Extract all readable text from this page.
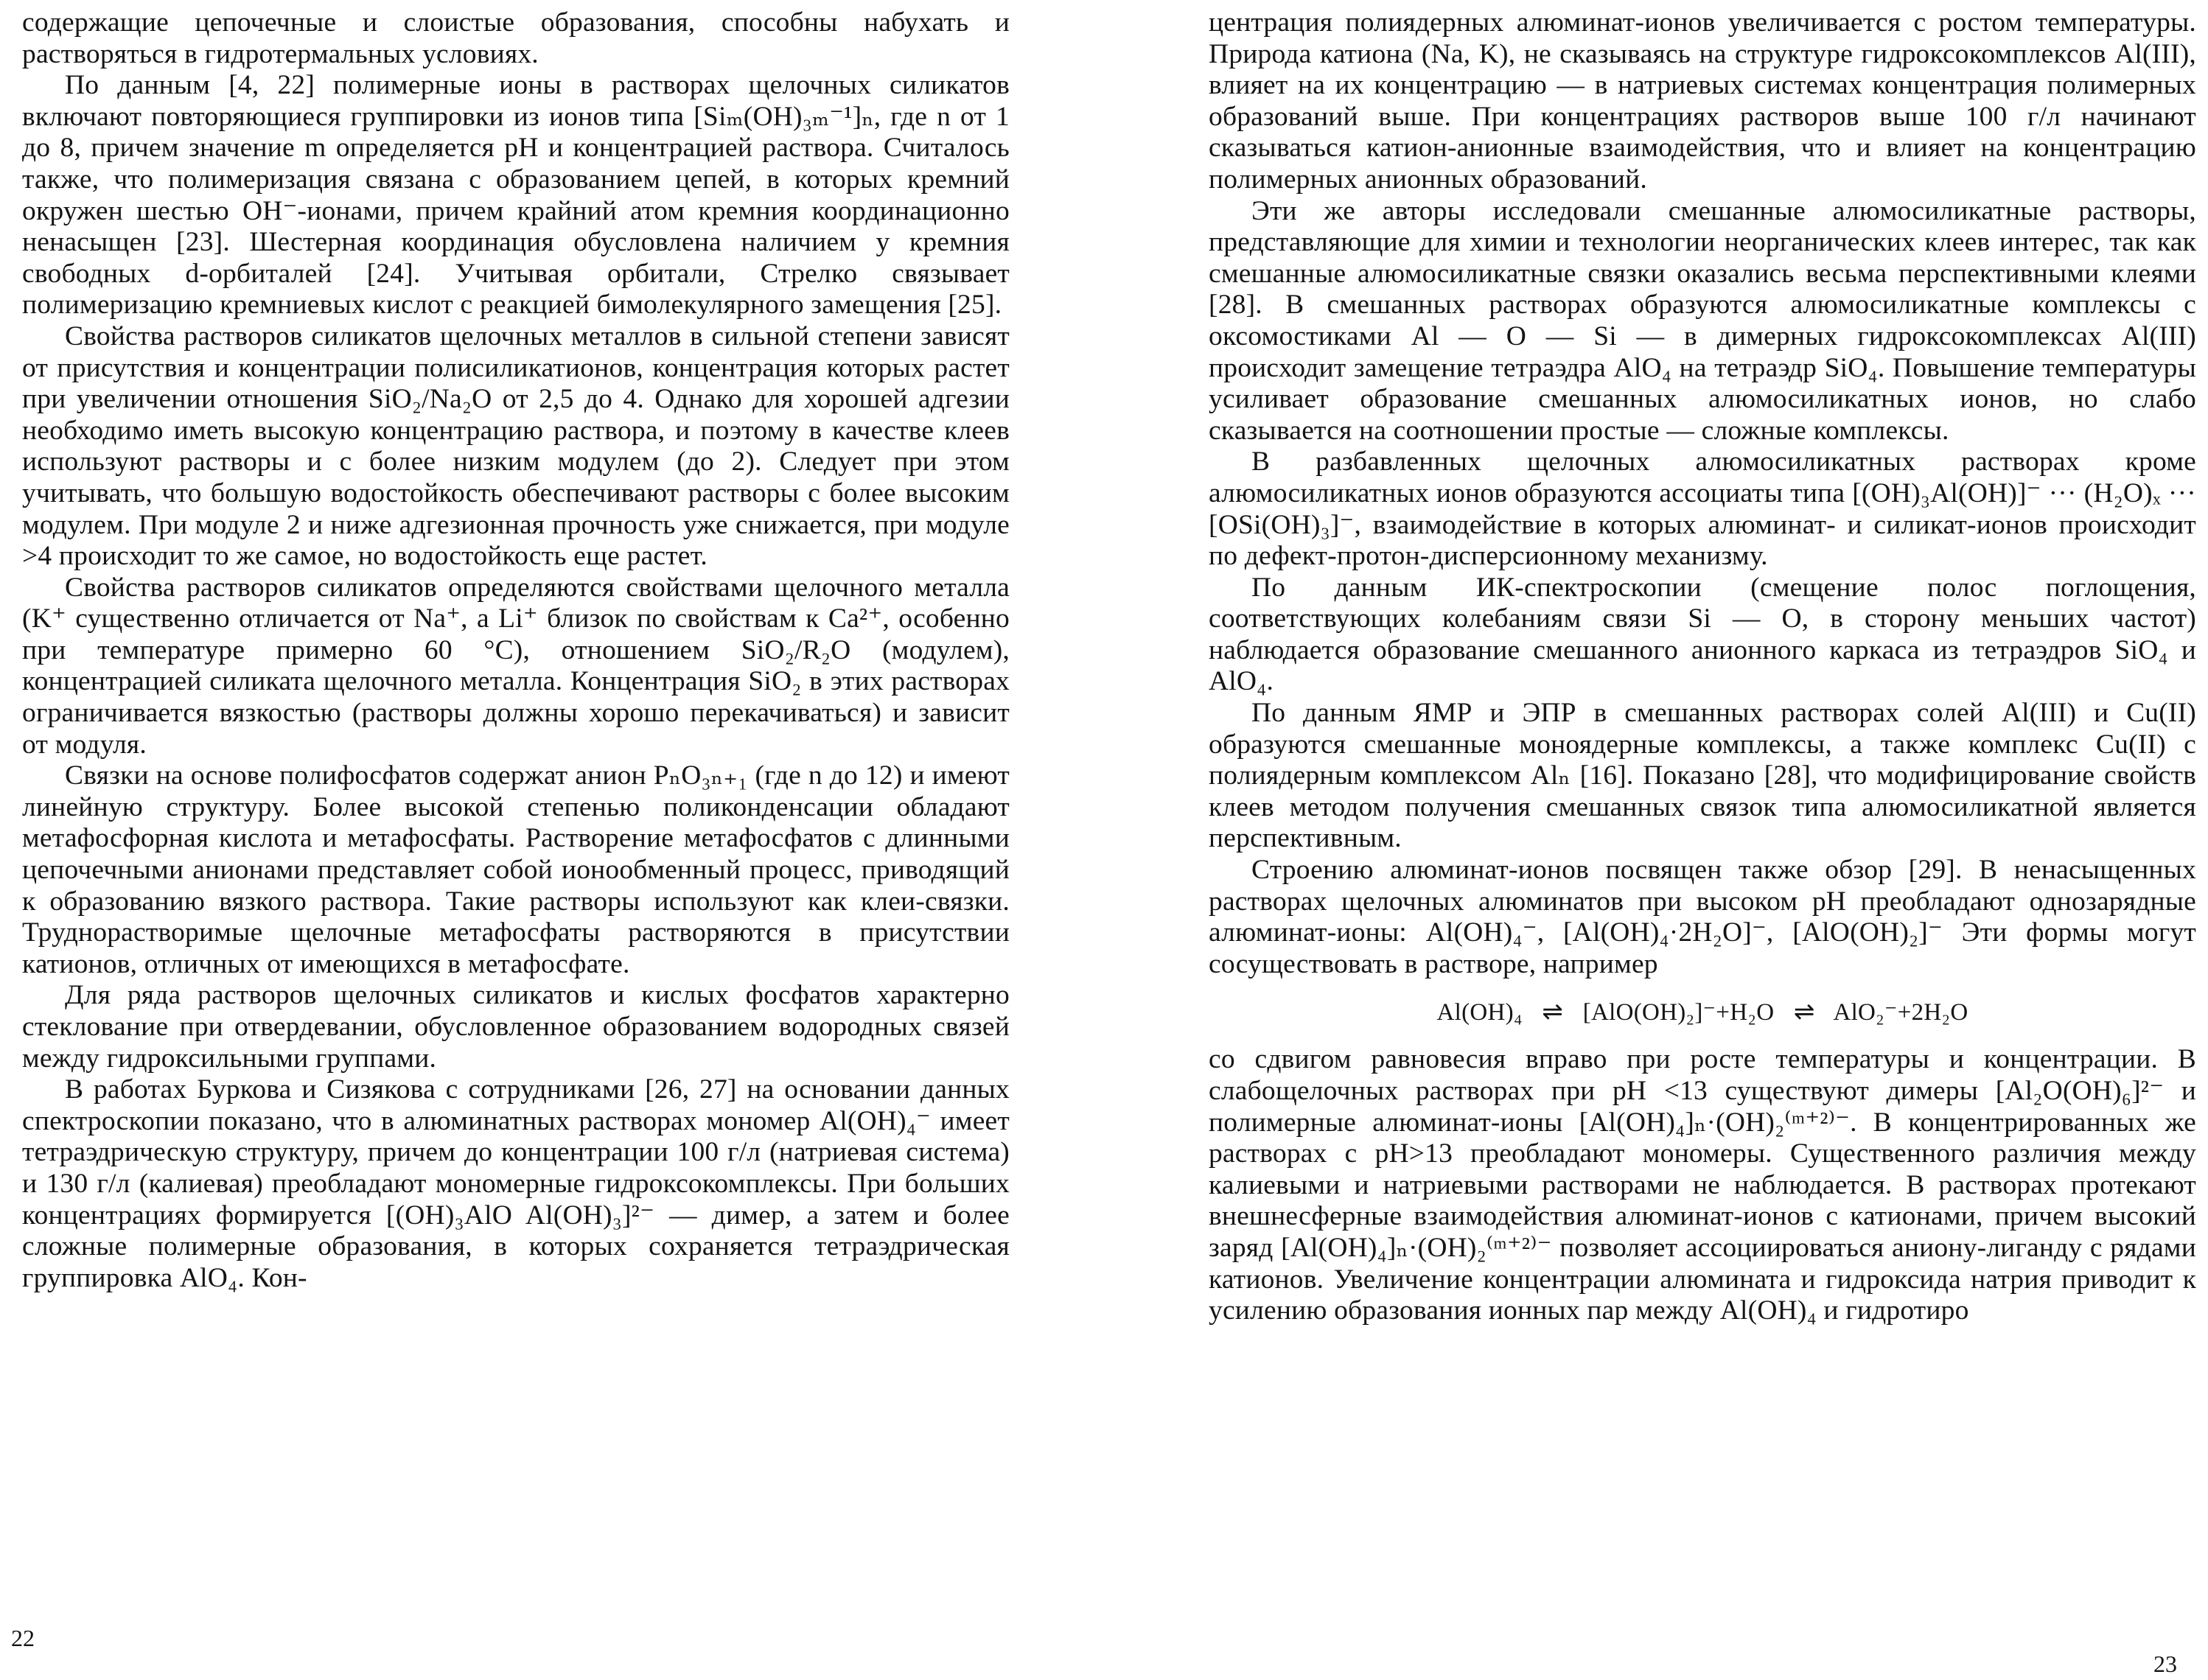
содержащие цепочечные и слоистые образования, способны набухать и растворяться в гидротермальных условиях.

По данным [4, 22] полимерные ионы в растворах щелочных силикатов включают повторяющиеся группировки из ионов типа [Siₘ(OH)₃ₘ⁻¹]ₙ, где n от 1 до 8, причем значение m определяется pH и концентрацией раствора. Считалось также, что полимеризация связана с образованием цепей, в которых кремний окружен шестью OH⁻-ионами, причем крайний атом кремния координационно ненасыщен [23]. Шестерная координация обусловлена наличием у кремния свободных d-орбиталей [24]. Учитывая орбитали, Стрелко связывает полимеризацию кремниевых кислот с реакцией бимолекулярного замещения [25].

Свойства растворов силикатов щелочных металлов в сильной степени зависят от присутствия и концентрации полисиликатионов, концентрация которых растет при увеличении отношения SiO₂/Na₂O от 2,5 до 4. Однако для хорошей адгезии необходимо иметь высокую концентрацию раствора, и поэтому в качестве клеев используют растворы и с более низким модулем (до 2). Следует при этом учитывать, что большую водостойкость обеспечивают растворы с более высоким модулем. При модуле 2 и ниже адгезионная прочность уже снижается, при модуле >4 происходит то же самое, но водостойкость еще растет.

Свойства растворов силикатов определяются свойствами щелочного металла (K⁺ существенно отличается от Na⁺, а Li⁺ близок по свойствам к Ca²⁺, особенно при температуре примерно 60 °C), отношением SiO₂/R₂O (модулем), концентрацией силиката щелочного металла. Концентрация SiO₂ в этих растворах ограничивается вязкостью (растворы должны хорошо перекачиваться) и зависит от модуля.

Связки на основе полифосфатов содержат анион PₙO₃ₙ₊₁ (где n до 12) и имеют линейную структуру. Более высокой степенью поликонденсации обладают метафосфорная кислота и метафосфаты. Растворение метафосфатов с длинными цепочечными анионами представляет собой ионообменный процесс, приводящий к образованию вязкого раствора. Такие растворы используют как клеи-связки. Труднорастворимые щелочные метафосфаты растворяются в присутствии катионов, отличных от имеющихся в метафосфате.

Для ряда растворов щелочных силикатов и кислых фосфатов характерно стеклование при отвердевании, обусловленное образованием водородных связей между гидроксильными группами.

В работах Буркова и Сизякова с сотрудниками [26, 27] на основании данных спектроскопии показано, что в алюминатных растворах мономер Al(OH)₄⁻ имеет тетраэдрическую структуру, причем до концентрации 100 г/л (натриевая система) и 130 г/л (калиевая) преобладают мономерные гидроксокомплексы. При больших концентрациях формируется [(OH)₃AlO Al(OH)₃]²⁻ — димер, а затем и более сложные полимерные образования, в которых сохраняется тетраэдрическая группировка AlO₄. Кон-

22

центрация полиядерных алюминат-ионов увеличивается с ростом температуры. Природа катиона (Na, K), не сказываясь на структуре гидроксокомплексов Al(III), влияет на их концентрацию — в натриевых системах концентрация полимерных образований выше. При концентрациях растворов выше 100 г/л начинают сказываться катион-анионные взаимодействия, что и влияет на концентрацию полимерных анионных образований.

Эти же авторы исследовали смешанные алюмосиликатные растворы, представляющие для химии и технологии неорганических клеев интерес, так как смешанные алюмосиликатные связки оказались весьма перспективными клеями [28]. В смешанных растворах образуются алюмосиликатные комплексы с оксомостиками Al — O — Si — в димерных гидроксокомплексах Al(III) происходит замещение тетраэдра AlO₄ на тетраэдр SiO₄. Повышение температуры усиливает образование смешанных алюмосиликатных ионов, но слабо сказывается на соотношении простые — сложные комплексы.

В разбавленных щелочных алюмосиликатных растворах кроме алюмосиликатных ионов образуются ассоциаты типа [(OH)₃Al(OH)]⁻ ··· (H₂O)ₓ ··· [OSi(OH)₃]⁻, взаимодействие в которых алюминат- и силикат-ионов происходит по дефект-протон-дисперсионному механизму.

По данным ИК-спектроскопии (смещение полос поглощения, соответствующих колебаниям связи Si — O, в сторону меньших частот) наблюдается образование смешанного анионного каркаса из тетраэдров SiO₄ и AlO₄.

По данным ЯМР и ЭПР в смешанных растворах солей Al(III) и Cu(II) образуются смешанные моноядерные комплексы, а также комплекс Cu(II) с полиядерным комплексом Alₙ [16]. Показано [28], что модифицирование свойств клеев методом получения смешанных связок типа алюмосиликатной является перспективным.

Строению алюминат-ионов посвящен также обзор [29]. В ненасыщенных растворах щелочных алюминатов при высоком pH преобладают однозарядные алюминат-ионы: Al(OH)₄⁻, [Al(OH)₄·2H₂O]⁻, [AlO(OH)₂]⁻ Эти формы могут сосуществовать в растворе, например

Al(OH)₄ ⇌ [AlO(OH)₂]⁻+H₂O ⇌ AlO₂⁻+2H₂O

со сдвигом равновесия вправо при росте температуры и концентрации. В слабощелочных растворах при pH <13 существуют димеры [Al₂O(OH)₆]²⁻ и полимерные алюминат-ионы [Al(OH)₄]ₙ·(OH)₂⁽ᵐ⁺²⁾⁻. В концентрированных же растворах с pH>13 преобладают мономеры. Существенного различия между калиевыми и натриевыми растворами не наблюдается. В растворах протекают внешнесферные взаимодействия алюминат-ионов с катионами, причем высокий заряд [Al(OH)₄]ₙ·(OH)₂⁽ᵐ⁺²⁾⁻ позволяет ассоциироваться аниону-лиганду с рядами катионов. Увеличение концентрации алюмината и гидроксида натрия приводит к усилению образования ионных пар между Al(OH)₄ и гидротиро

23
